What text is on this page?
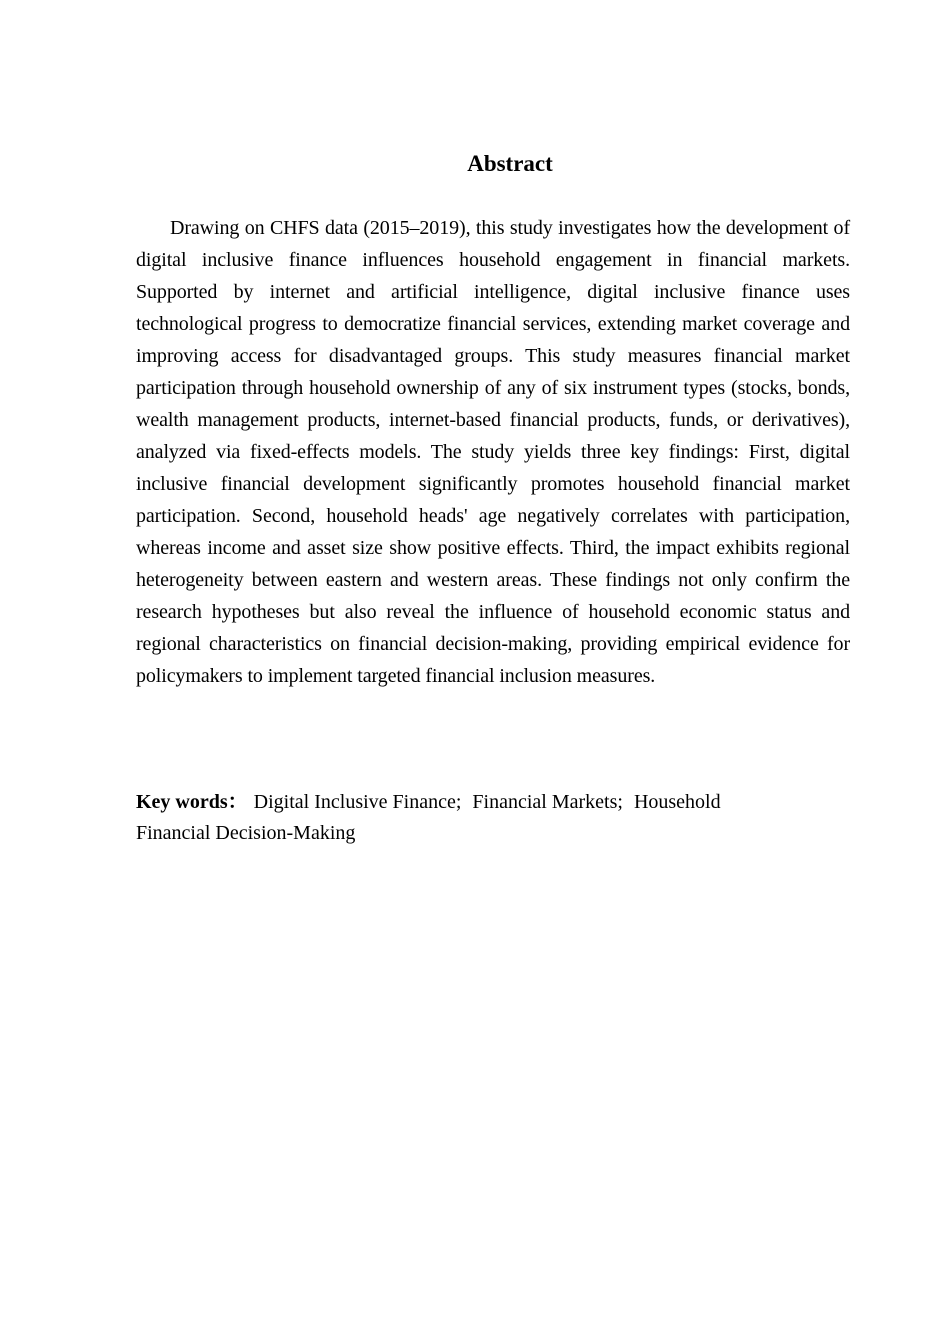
Abstract

Drawing on CHFS data (2015–2019), this study investigates how the development of digital inclusive finance influences household engagement in financial markets. Supported by internet and artificial intelligence, digital inclusive finance uses technological progress to democratize financial services, extending market coverage and improving access for disadvantaged groups. This study measures financial market participation through household ownership of any of six instrument types (stocks, bonds, wealth management products, internet-based financial products, funds, or derivatives), analyzed via fixed-effects models. The study yields three key findings: First, digital inclusive financial development significantly promotes household financial market participation. Second, household heads' age negatively correlates with participation, whereas income and asset size show positive effects. Third, the impact exhibits regional heterogeneity between eastern and western areas. These findings not only confirm the research hypotheses but also reveal the influence of household economic status and regional characteristics on financial decision-making, providing empirical evidence for policymakers to implement targeted financial inclusion measures.

Key words： Digital Inclusive Finance; Financial Markets; Household Financial Decision-Making
